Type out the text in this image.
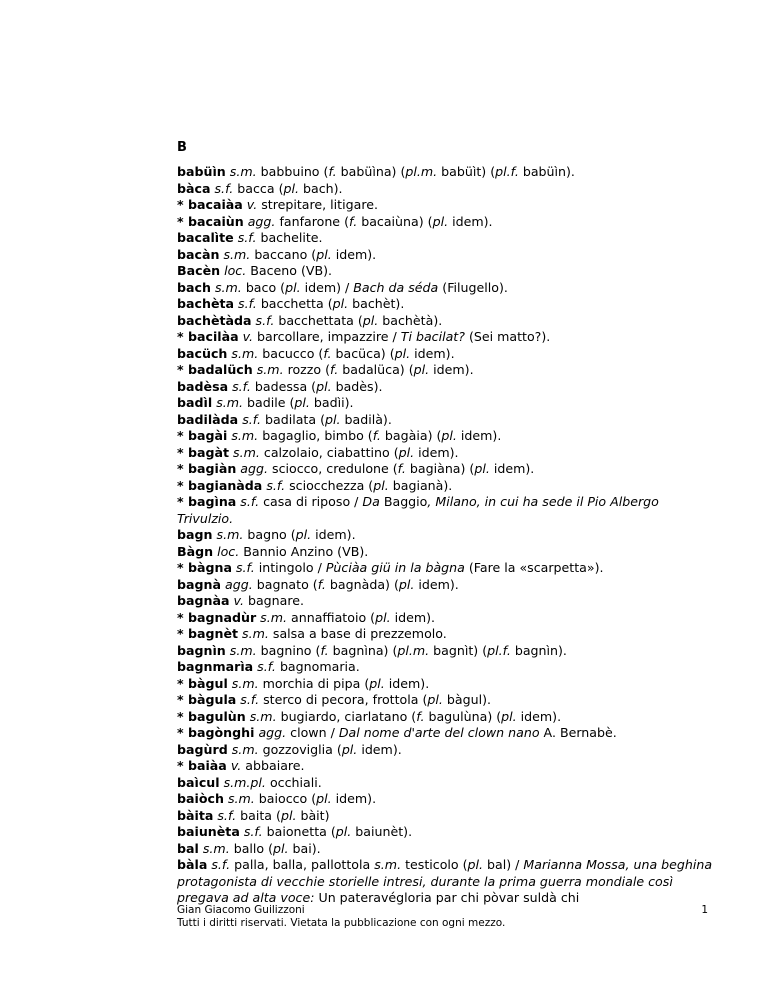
B

babüìn s.m. babbuino (f. babüìna) (pl.m. babüìt) (pl.f. babüìn).

bàca s.f. bacca (pl. bach).

* bacaiàa v. strepitare, litigare.

* bacaiùn agg. fanfarone (f. bacaiùna) (pl. idem).

bacalìte s.f. bachelite.

bacàn s.m. baccano (pl. idem).

Bacèn loc. Baceno (VB).

bach s.m. baco (pl. idem) / Bach da séda (Filugello).

bachèta s.f. bacchetta (pl. bachèt).

bachètàda s.f. bacchettata (pl. bachètà).

* bacilàa v. barcollare, impazzire / Ti bacilat? (Sei matto?).

bacüch s.m. bacucco (f. bacüca) (pl. idem).

* badalüch s.m. rozzo (f. badalüca) (pl. idem).

badèsa s.f. badessa (pl. badès).

badìl s.m. badile (pl. badìi).

badilàda s.f. badilata (pl. badilà).

* bagài s.m. bagaglio, bimbo (f. bagàia) (pl. idem).

* bagàt s.m. calzolaio, ciabattino (pl. idem).

* bagiàn agg. sciocco, credulone (f. bagiàna) (pl. idem).

* bagianàda s.f. sciocchezza (pl. bagianà).

* bagìna s.f. casa di riposo / Da Baggio, Milano, in cui ha sede il Pio Albergo Trivulzio.

bagn s.m. bagno (pl. idem).

Bàgn loc. Bannio Anzino (VB).

* bàgna s.f. intingolo / Pùciàa giü in la bàgna (Fare la «scarpetta»).

bagnà agg. bagnato (f. bagnàda) (pl. idem).

bagnàa v. bagnare.

* bagnadùr s.m. annaffiatoio (pl. idem).

* bagnèt s.m. salsa a base di prezzemolo.

bagnìn s.m. bagnino (f. bagnìna) (pl.m. bagnìt) (pl.f. bagnìn).

bagnmarìa s.f. bagnomaria.

* bàgul s.m. morchia di pipa (pl. idem).

* bàgula s.f. sterco di pecora, frottola (pl. bàgul).

* bagulùn s.m. bugiardo, ciarlatano (f. bagulùna) (pl. idem).

* bagònghi agg. clown / Dal nome d'arte del clown nano A. Bernabè.

bagùrd s.m. gozzoviglia (pl. idem).

* baiàa v. abbaiare.

baìcul s.m.pl. occhiali.

baiòch s.m. baiocco (pl. idem).

bàita s.f. baita (pl. bàit)

baiunèta s.f. baionetta (pl. baiunèt).

bal s.m. ballo (pl. bai).

bàla s.f. palla, balla, pallottola s.m. testicolo (pl. bal) / Marianna Mossa, una beghina protagonista di vecchie storielle intresi, durante la prima guerra mondiale così pregava ad alta voce: Un pateravégloria par chi pòvar suldà chi

Gian Giacomo Guilizzoni
Tutti i diritti riservati. Vietata la pubblicazione con ogni mezzo.
1
